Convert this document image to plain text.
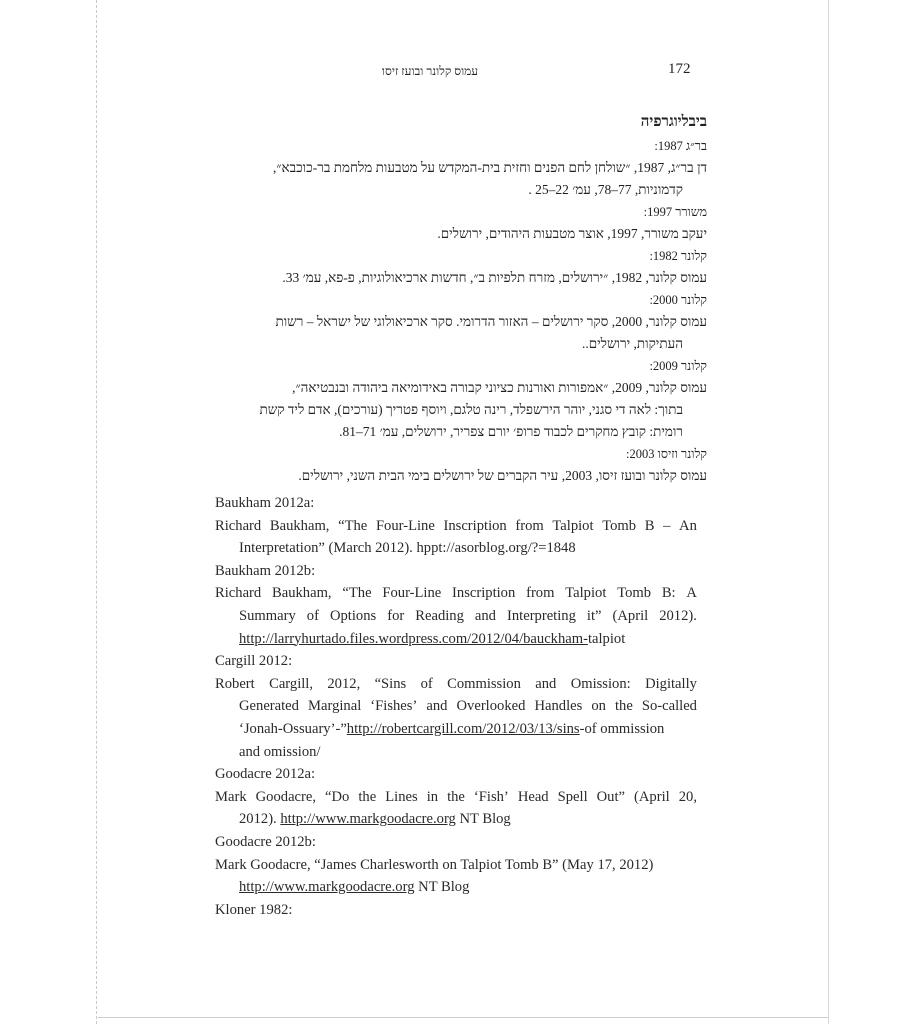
עמוס קלונר ובועז זיסו	172
ביבליוגרפיה
בר״ג 1987:
דן בר״ג, 1987, ״שולחן לחם הפנים וחזית בית-המקדש על מטבעות מלחמת בר-כוכבא״,
קדמוניות, 77–78, עמ׳ 22–25 .
משורר 1997:
יעקב משורר, 1997, אוצר מטבעות היהודים, ירושלים.
קלונר 1982:
עמוס קלונר, 1982, ״ירושלים, מזרח תלפיות ב״, חדשות ארכיאולוגיות, פ-פא, עמ׳ 33.
קלונר 2000:
עמוס קלונר, 2000, סקר ירושלים – האזור הדרומי. סקר ארכיאולוגי של ישראל – רשות
העתיקות, ירושלים..
קלונר 2009:
עמוס קלונר, 2009, ״אמפורות ואורנות כציוני קבורה באידומיאה ביהודה ובנבטיאה״,
בתוך: לאה די סגני, יוהר הירשפלד, רינה טלגם, ויוסף פטריך (עורכים), אדם ליד קשת
רומית: קובץ מחקרים לכבוד פרופ׳ יורם צפריר, ירושלים, עמ׳ 71–81.
קלונר וזיסו 2003:
עמוס קלונר ובועז זיסו, 2003, עיר הקברים של ירושלים בימי הבית השני, ירושלים.
Baukham 2012a:
Richard Baukham, “The Four-Line Inscription from Talpiot Tomb B – An
Interpretation” (March 2012). hppt://asorblog.org/?=1848
Baukham 2012b:
Richard Baukham, “The Four-Line Inscription from Talpiot Tomb B: A
Summary of Options for Reading and Interpreting it” (April 2012).
http://larryhurtado.files.wordpress.com/2012/04/bauckham-talpiot
Cargill 2012:
Robert Cargill, 2012, “Sins of Commission and Omission: Digitally
Generated Marginal ‘Fishes’ and Overlooked Handles on the So-called
‘Jonah-Ossuary’-”http://robertcargill.com/2012/03/13/sins-of ommission
and omission/
Goodacre 2012a:
Mark Goodacre, “Do the Lines in the ‘Fish’ Head Spell Out” (April 20,
2012). http://www.markgoodacre.org NT Blog
Goodacre 2012b:
Mark Goodacre, “James Charlesworth on Talpiot Tomb B” (May 17, 2012)
http://www.markgoodacre.org NT Blog
Kloner 1982:
